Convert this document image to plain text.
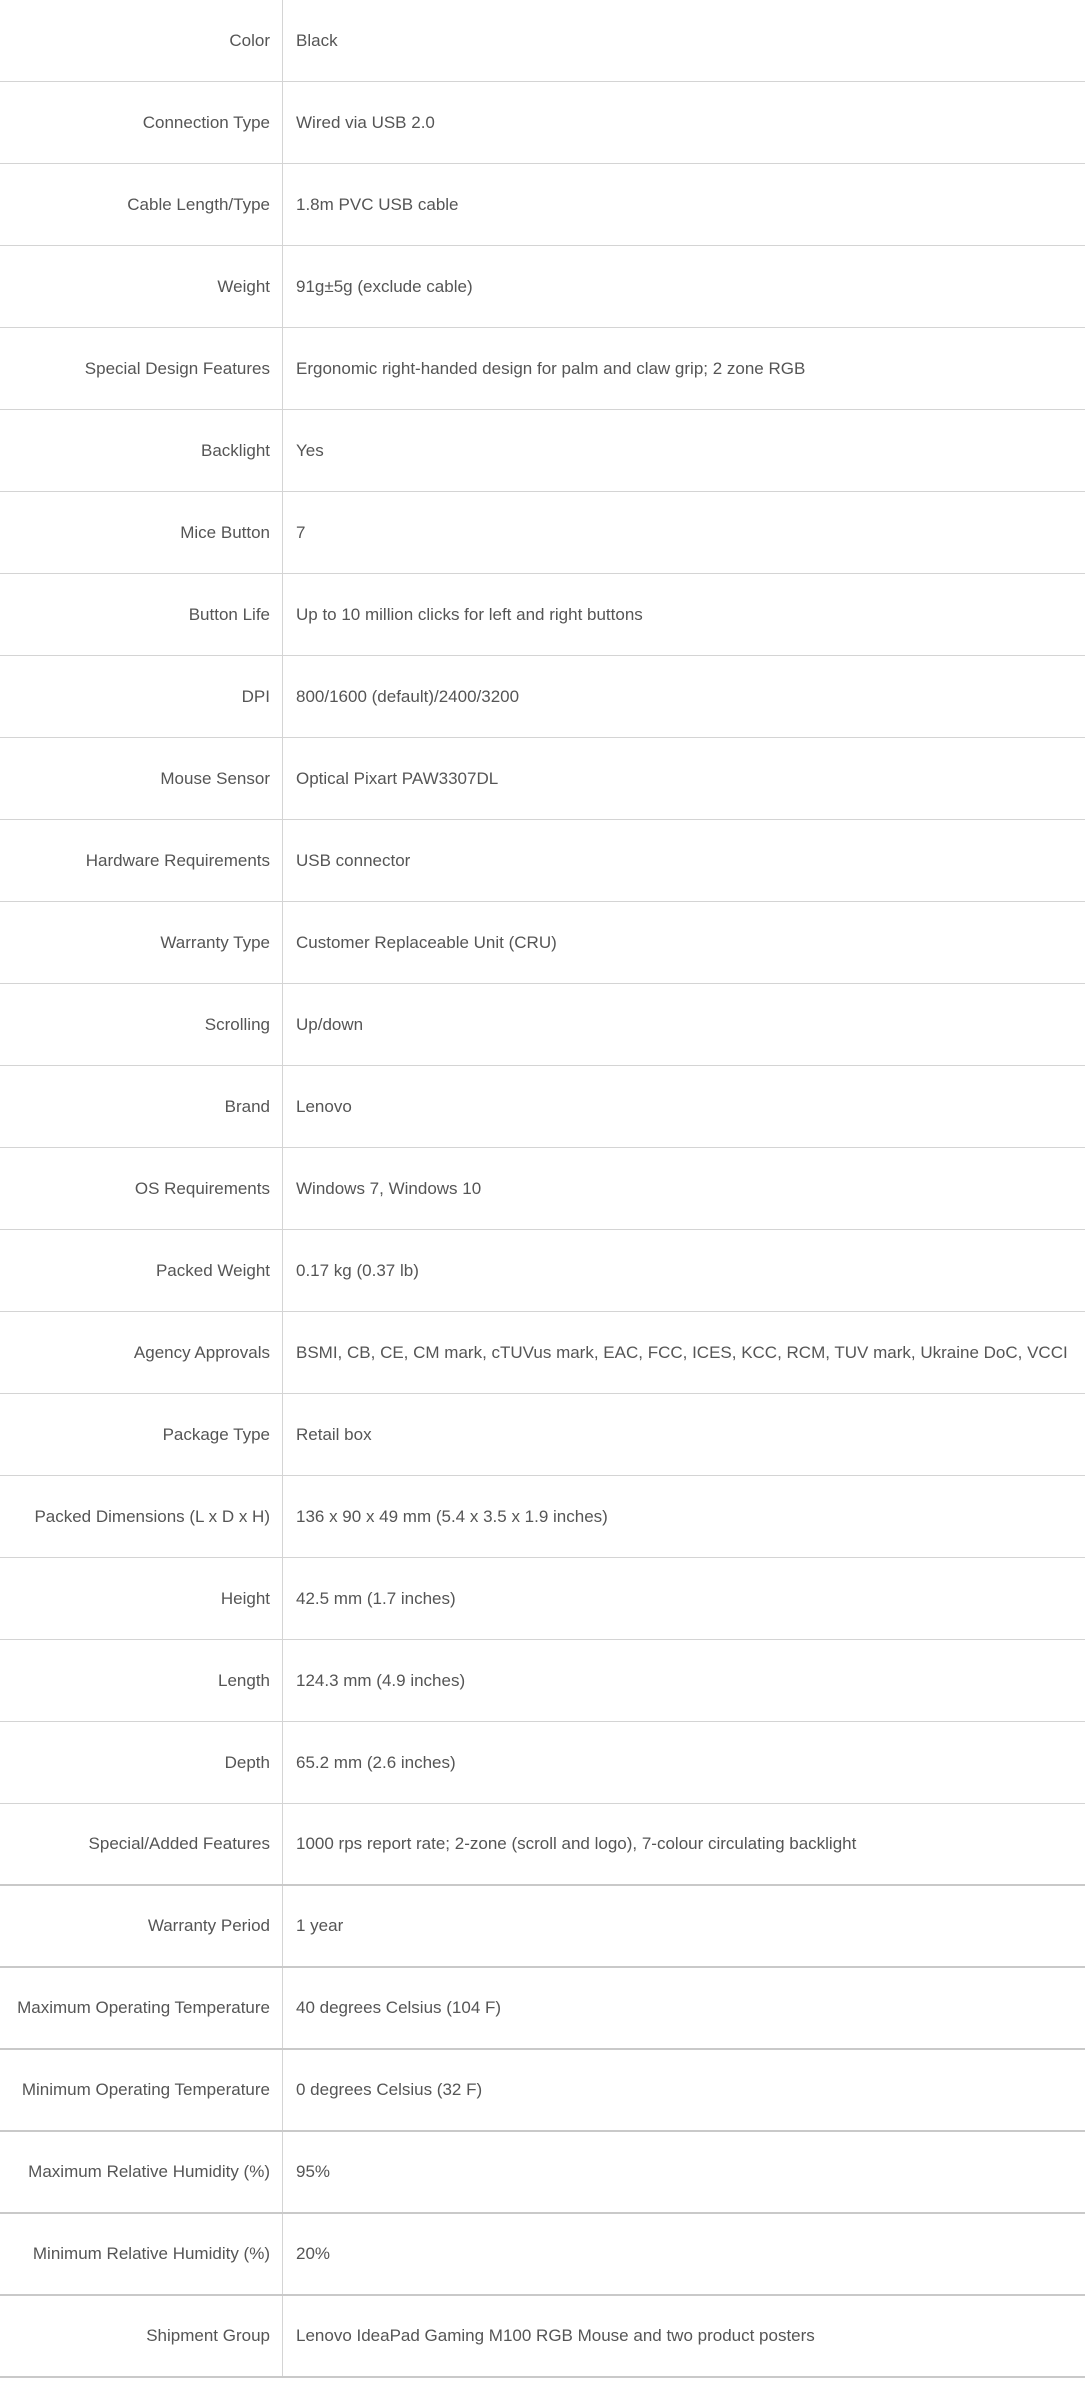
Color	Black
Connection Type	Wired via USB 2.0
Cable Length/Type	1.8m PVC USB cable
Weight	91g±5g (exclude cable)
Special Design Features	Ergonomic right-handed design for palm and claw grip; 2 zone RGB
Backlight	Yes
Mice Button	7
Button Life	Up to 10 million clicks for left and right buttons
DPI	800/1600 (default)/2400/3200
Mouse Sensor	Optical Pixart PAW3307DL
Hardware Requirements	USB connector
Warranty Type	Customer Replaceable Unit (CRU)
Scrolling	Up/down
Brand	Lenovo
OS Requirements	Windows 7, Windows 10
Packed Weight	0.17 kg (0.37 lb)
Agency Approvals	BSMI, CB, CE, CM mark, cTUVus mark, EAC, FCC, ICES, KCC, RCM, TUV mark, Ukraine DoC, VCCI
Package Type	Retail box
Packed Dimensions (L x D x H)	136 x 90 x 49 mm (5.4 x 3.5 x 1.9 inches)
Height	42.5 mm (1.7 inches)
Length	124.3 mm (4.9 inches)
Depth	65.2 mm (2.6 inches)
Special/Added Features	1000 rps report rate; 2-zone (scroll and logo), 7-colour circulating backlight
Warranty Period	1 year
Maximum Operating Temperature	40 degrees Celsius (104 F)
Minimum Operating Temperature	0 degrees Celsius (32 F)
Maximum Relative Humidity (%)	95%
Minimum Relative Humidity (%)	20%
Shipment Group	Lenovo IdeaPad Gaming M100 RGB Mouse and two product posters
